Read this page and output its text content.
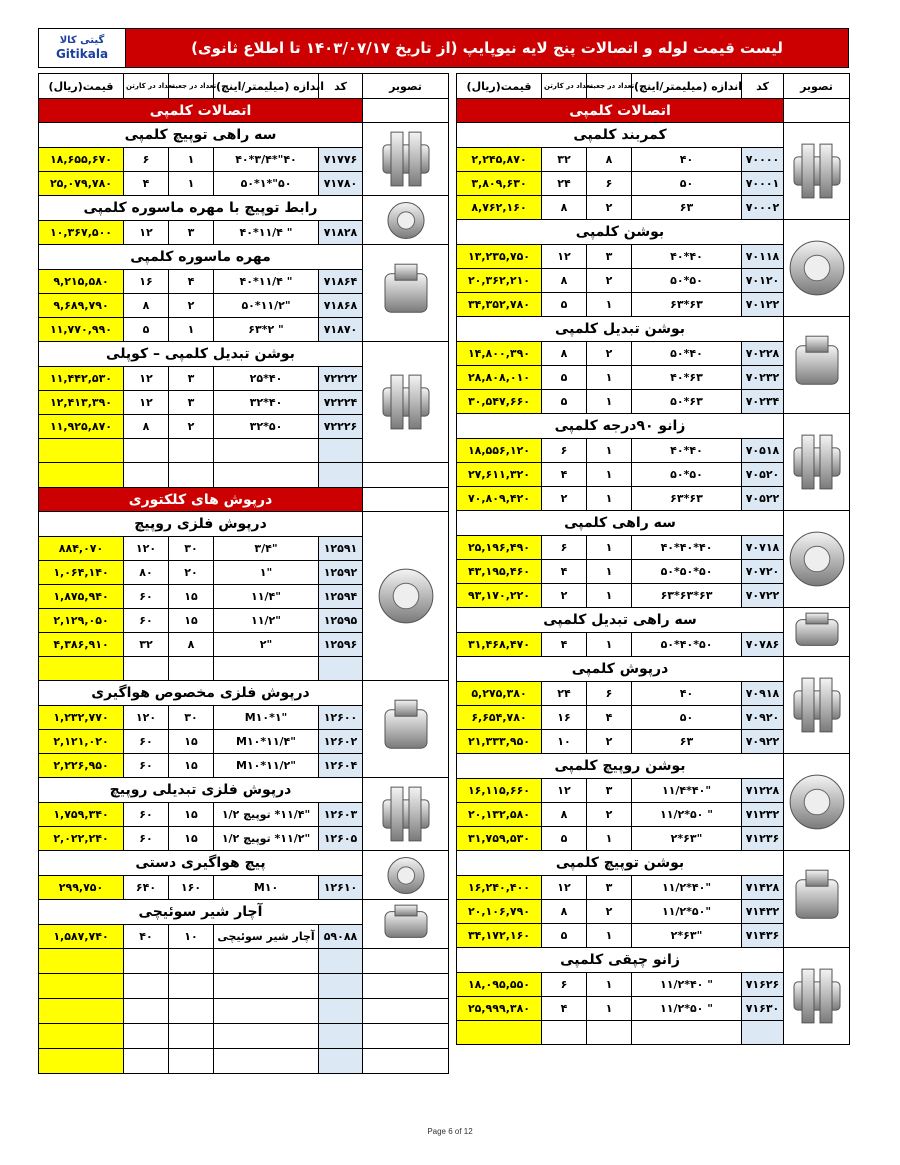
گیتی کالا
Gitikala	لیست قیمت لوله و اتصالات پنج لایه نیوپایپ (از تاریخ ۱۴۰۳/۰۷/۱۷ تا اطلاع ثانوی)
قیمت(ریال)	تعداد در کارتن	تعداد در جعبه	اندازه (میلیمتر/اینچ)	کد	تصویر
اتصالات کلمپی					
سه راهی توپیچ کلمپی	

۱۸,۶۵۵,۶۷۰	۶	۱	۴۰"*۳/۴*۴۰	۷۱۷۷۶	
۲۵,۰۷۹,۷۸۰	۴	۱	۵۰"*۱*۵۰	۷۱۷۸۰	
رابط توپیچ با مهره ماسوره کلمپی	

۱۰,۳۶۷,۵۰۰	۱۲	۳	" ۱۱/۴*۴۰	۷۱۸۲۸	
مهره ماسوره کلمپی	

۹,۲۱۵,۵۸۰	۱۶	۴	" ۱۱/۴*۴۰	۷۱۸۶۴	
۹,۶۸۹,۷۹۰	۸	۲	"۱۱/۲*۵۰	۷۱۸۶۸	
۱۱,۷۷۰,۹۹۰	۵	۱	" ۲*۶۳	۷۱۸۷۰	
بوشن تبدیل کلمپی – کوپلی	

۱۱,۴۴۲,۵۳۰	۱۲	۳	۴۰*۲۵	۷۲۲۲۲	
۱۲,۴۱۳,۳۹۰	۱۲	۳	۴۰*۳۲	۷۲۲۲۴	
۱۱,۹۲۵,۸۷۰	۸	۲	۵۰*۳۲	۷۲۲۲۶	

درپوش های کلکتوری					
درپوش فلزی روپیچ	

۸۸۴,۰۷۰	۱۲۰	۳۰	"۳/۴	۱۲۵۹۱	
۱,۰۶۴,۱۴۰	۸۰	۲۰	"۱	۱۲۵۹۲	
۱,۸۷۵,۹۴۰	۶۰	۱۵	"۱۱/۴	۱۲۵۹۴	
۲,۱۲۹,۰۵۰	۶۰	۱۵	"۱۱/۲	۱۲۵۹۵	
۴,۳۸۶,۹۱۰	۳۲	۸	"۲	۱۲۵۹۶	

درپوش فلزی مخصوص هواگیری	

۱,۲۳۲,۷۷۰	۱۲۰	۳۰	"M۱۰*۱	۱۲۶۰۰	
۲,۱۲۱,۰۲۰	۶۰	۱۵	"M۱۰*۱۱/۴	۱۲۶۰۲	
۲,۲۲۶,۹۵۰	۶۰	۱۵	"M۱۰*۱۱/۲	۱۲۶۰۴	
درپوش فلزی تبدیلی روپیچ	

۱,۷۵۹,۳۴۰	۶۰	۱۵	"۱۱/۴* توپیچ ۱/۲	۱۲۶۰۳	
۲,۰۲۲,۲۴۰	۶۰	۱۵	"۱۱/۲* توپیچ ۱/۲	۱۲۶۰۵	
پیچ هواگیری دستی	

۲۹۹,۷۵۰	۶۴۰	۱۶۰	M۱۰	۱۲۶۱۰	
آچار شیر سوئیچی	

۱,۵۸۷,۷۴۰	۴۰	۱۰	آچار شیر سوئیچی	۵۹۰۸۸	

قیمت(ریال)	تعداد در کارتن	تعداد در جعبه	اندازه (میلیمتر/اینچ)	کد	تصویر
اتصالات کلمپی					
کمربند کلمپی	

۲,۲۴۵,۸۷۰	۳۲	۸	۴۰	۷۰۰۰۰	
۳,۸۰۹,۶۳۰	۲۴	۶	۵۰	۷۰۰۰۱	
۸,۷۶۲,۱۶۰	۸	۲	۶۳	۷۰۰۰۲	
بوشن کلمپی	

۱۳,۲۳۵,۷۵۰	۱۲	۳	۴۰*۴۰	۷۰۱۱۸	
۲۰,۳۶۲,۲۱۰	۸	۲	۵۰*۵۰	۷۰۱۲۰	
۳۴,۳۵۲,۷۸۰	۵	۱	۶۳*۶۳	۷۰۱۲۲	
بوشن تبدیل کلمپی	

۱۴,۸۰۰,۳۹۰	۸	۲	۴۰*۵۰	۷۰۲۲۸	
۲۸,۸۰۸,۰۱۰	۵	۱	۶۳*۴۰	۷۰۲۳۲	
۳۰,۵۴۷,۶۶۰	۵	۱	۶۳*۵۰	۷۰۲۳۴	
زانو ۹۰درجه کلمپی	

۱۸,۵۵۶,۱۲۰	۶	۱	۴۰*۴۰	۷۰۵۱۸	
۲۷,۶۱۱,۳۲۰	۴	۱	۵۰*۵۰	۷۰۵۲۰	
۷۰,۸۰۹,۴۲۰	۲	۱	۶۳*۶۳	۷۰۵۲۲	
سه راهی کلمپی	

۲۵,۱۹۶,۴۹۰	۶	۱	۴۰*۴۰*۴۰	۷۰۷۱۸	
۴۳,۱۹۵,۴۶۰	۴	۱	۵۰*۵۰*۵۰	۷۰۷۲۰	
۹۳,۱۷۰,۲۲۰	۲	۱	۶۳*۶۳*۶۳	۷۰۷۲۲	
سه راهی تبدیل کلمپی	

۳۱,۴۶۸,۴۷۰	۴	۱	۵۰*۴۰*۵۰	۷۰۷۸۶	
درپوش کلمپی	

۵,۲۷۵,۳۸۰	۲۴	۶	۴۰	۷۰۹۱۸	
۶,۶۵۴,۷۸۰	۱۶	۴	۵۰	۷۰۹۲۰	
۲۱,۳۳۳,۹۵۰	۱۰	۲	۶۳	۷۰۹۲۲	
بوشن روپیچ کلمپی	

۱۶,۱۱۵,۶۶۰	۱۲	۳	"۴۰*۱۱/۴	۷۱۲۲۸	
۲۰,۱۳۲,۵۸۰	۸	۲	" ۵۰*۱۱/۲	۷۱۲۳۲	
۳۱,۷۵۹,۵۳۰	۵	۱	"۶۳*۲	۷۱۲۳۶	
بوشن توپیچ کلمپی	

۱۶,۲۴۰,۴۰۰	۱۲	۳	"۴۰*۱۱/۲	۷۱۴۲۸	
۲۰,۱۰۶,۷۹۰	۸	۲	"۵۰*۱۱/۲	۷۱۴۳۲	
۳۴,۱۷۲,۱۶۰	۵	۱	"۶۳*۲	۷۱۴۳۶	
زانو چپقی کلمپی	

۱۸,۰۹۵,۵۵۰	۶	۱	" ۴۰*۱۱/۲	۷۱۶۲۶	
۲۵,۹۹۹,۳۸۰	۴	۱	" ۵۰*۱۱/۲	۷۱۶۳۰	

Page 6 of 12
